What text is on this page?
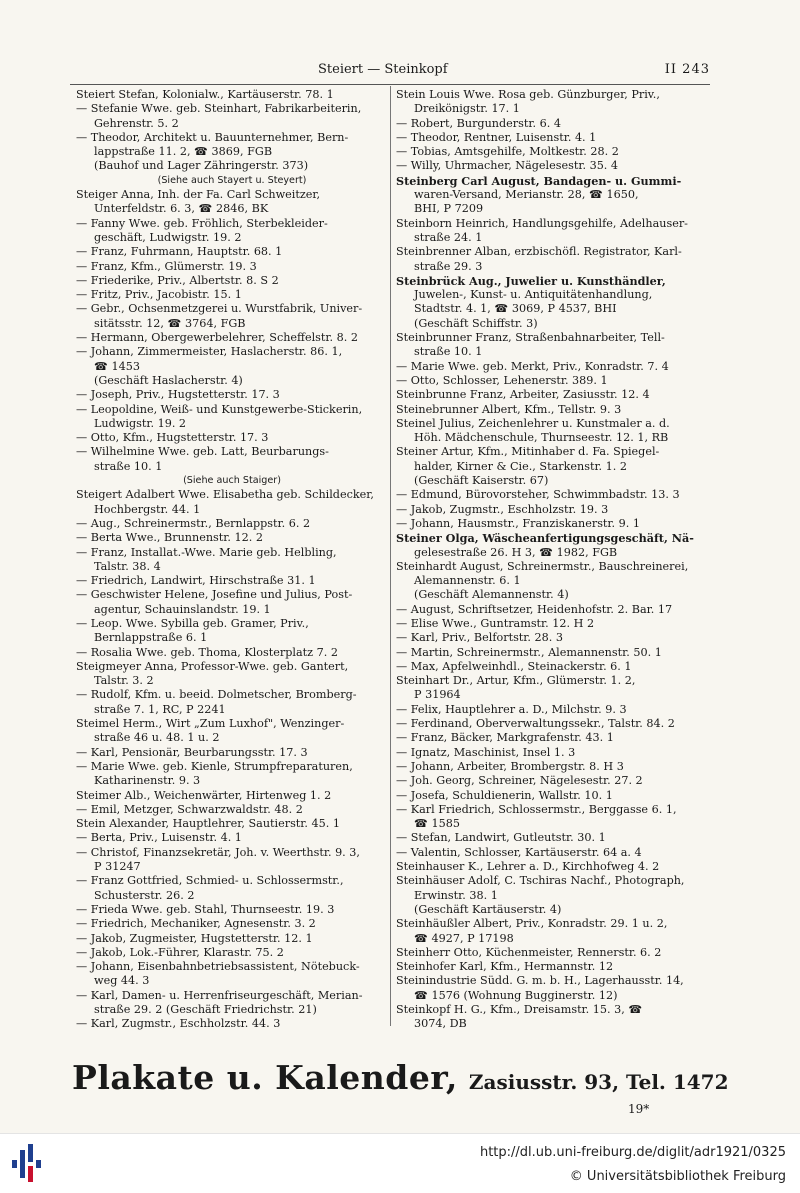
Steiert — Steinkopf	II 243
Steiert Stefan, Kolonialw., Kartäuserstr. 78. 1
— Stefanie Wwe. geb. Steinhart, Fabrikarbeiterin,
Gehrenstr. 5. 2
— Theodor, Architekt u. Bauunternehmer, Bern-
lappstraße 11. 2, ☎ 3869, FGB
(Bauhof und Lager Zähringerstr. 373)
(Siehe auch Stayert u. Steyert)
Steiger Anna, Inh. der Fa. Carl Schweitzer,
Unterfeldstr. 6. 3, ☎ 2846, BK
— Fanny Wwe. geb. Fröhlich, Sterbekleider-
geschäft, Ludwigstr. 19. 2
— Franz, Fuhrmann, Hauptstr. 68. 1
— Franz, Kfm., Glümerstr. 19. 3
— Friederike, Priv., Albertstr. 8. S 2
— Fritz, Priv., Jacobistr. 15. 1
— Gebr., Ochsenmetzgerei u. Wurstfabrik, Univer-
sitätsstr. 12, ☎ 3764, FGB
— Hermann, Obergewerbelehrer, Scheffelstr. 8. 2
— Johann, Zimmermeister, Haslacherstr. 86. 1,
☎ 1453
(Geschäft Haslacherstr. 4)
— Joseph, Priv., Hugstetterstr. 17. 3
— Leopoldine, Weiß- und Kunstgewerbe-Stickerin,
Ludwigstr. 19. 2
— Otto, Kfm., Hugstetterstr. 17. 3
— Wilhelmine Wwe. geb. Latt, Beurbarungs-
straße 10. 1
(Siehe auch Staiger)
Steigert Adalbert Wwe. Elisabetha geb. Schildecker,
Hochbergstr. 44. 1
— Aug., Schreinermstr., Bernlappstr. 6. 2
— Berta Wwe., Brunnenstr. 12. 2
— Franz, Installat.-Wwe. Marie geb. Helbling,
Talstr. 38. 4
— Friedrich, Landwirt, Hirschstraße 31. 1
— Geschwister Helene, Josefine und Julius, Post-
agentur, Schauinslandstr. 19. 1
— Leop. Wwe. Sybilla geb. Gramer, Priv.,
Bernlappstraße 6. 1
— Rosalia Wwe. geb. Thoma, Klosterplatz 7. 2
Steigmeyer Anna, Professor-Wwe. geb. Gantert,
Talstr. 3. 2
— Rudolf, Kfm. u. beeid. Dolmetscher, Bromberg-
straße 7. 1, RC, P 2241
Steimel Herm., Wirt „Zum Luxhof", Wenzinger-
straße 46 u. 48. 1 u. 2
— Karl, Pensionär, Beurbarungsstr. 17. 3
— Marie Wwe. geb. Kienle, Strumpfreparaturen,
Katharinenstr. 9. 3
Steimer Alb., Weichenwärter, Hirtenweg 1. 2
— Emil, Metzger, Schwarzwaldstr. 48. 2
Stein Alexander, Hauptlehrer, Sautierstr. 45. 1
— Berta, Priv., Luisenstr. 4. 1
— Christof, Finanzsekretär, Joh. v. Weerthstr. 9. 3,
P 31247
— Franz Gottfried, Schmied- u. Schlossermstr.,
Schusterstr. 26. 2
— Frieda Wwe. geb. Stahl, Thurnseestr. 19. 3
— Friedrich, Mechaniker, Agnesenstr. 3. 2
— Jakob, Zugmeister, Hugstetterstr. 12. 1
— Jakob, Lok.-Führer, Klarastr. 75. 2
— Johann, Eisenbahnbetriebsassistent, Nötebuck-
weg 44. 3
— Karl, Damen- u. Herrenfriseurgeschäft, Merian-
straße 29. 2 (Geschäft Friedrichstr. 21)
— Karl, Zugmstr., Eschholzstr. 44. 3
Stein Louis Wwe. Rosa geb. Günzburger, Priv.,
Dreikönigstr. 17. 1
— Robert, Burgunderstr. 6. 4
— Theodor, Rentner, Luisenstr. 4. 1
— Tobias, Amtsgehilfe, Moltkestr. 28. 2
— Willy, Uhrmacher, Nägelesestr. 35. 4
Steinberg Carl August, Bandagen- u. Gummi-
waren-Versand, Merianstr. 28, ☎ 1650,
BHI, P 7209
Steinborn Heinrich, Handlungsgehilfe, Adelhauser-
straße 24. 1
Steinbrenner Alban, erzbischöfl. Registrator, Karl-
straße 29. 3
Steinbrück Aug., Juwelier u. Kunsthändler,
Juwelen-, Kunst- u. Antiquitätenhandlung,
Stadtstr. 4. 1, ☎ 3069, P 4537, BHI
(Geschäft Schiffstr. 3)
Steinbrunner Franz, Straßenbahnarbeiter, Tell-
straße 10. 1
— Marie Wwe. geb. Merkt, Priv., Konradstr. 7. 4
— Otto, Schlosser, Lehenerstr. 389. 1
Steinbrunne Franz, Arbeiter, Zasiusstr. 12. 4
Steinebrunner Albert, Kfm., Tellstr. 9. 3
Steinel Julius, Zeichenlehrer u. Kunstmaler a. d.
Höh. Mädchenschule, Thurnseestr. 12. 1, RB
Steiner Artur, Kfm., Mitinhaber d. Fa. Spiegel-
halder, Kirner & Cie., Starkenstr. 1. 2
(Geschäft Kaiserstr. 67)
— Edmund, Bürovorsteher, Schwimmbadstr. 13. 3
— Jakob, Zugmstr., Eschholzstr. 19. 3
— Johann, Hausmstr., Franziskanerstr. 9. 1
Steiner Olga, Wäscheanfertigungsgeschäft, Nä-
gelesestraße 26. H 3, ☎ 1982, FGB
Steinhardt August, Schreinermstr., Bauschreinerei,
Alemannenstr. 6. 1
(Geschäft Alemannenstr. 4)
— August, Schriftsetzer, Heidenhofstr. 2. Bar. 17
— Elise Wwe., Guntramstr. 12. H 2
— Karl, Priv., Belfortstr. 28. 3
— Martin, Schreinermstr., Alemannenstr. 50. 1
— Max, Apfelweinhdl., Steinackerstr. 6. 1
Steinhart Dr., Artur, Kfm., Glümerstr. 1. 2,
P 31964
— Felix, Hauptlehrer a. D., Milchstr. 9. 3
— Ferdinand, Oberverwaltungssekr., Talstr. 84. 2
— Franz, Bäcker, Markgrafenstr. 43. 1
— Ignatz, Maschinist, Insel 1. 3
— Johann, Arbeiter, Brombergstr. 8. H 3
— Joh. Georg, Schreiner, Nägelesestr. 27. 2
— Josefa, Schuldienerin, Wallstr. 10. 1
— Karl Friedrich, Schlossermstr., Berggasse 6. 1,
☎ 1585
— Stefan, Landwirt, Gutleutstr. 30. 1
— Valentin, Schlosser, Kartäuserstr. 64 a. 4
Steinhauser K., Lehrer a. D., Kirchhofweg 4. 2
Steinhäuser Adolf, C. Tschiras Nachf., Photograph,
Erwinstr. 38. 1
(Geschäft Kartäuserstr. 4)
Steinhäußler Albert, Priv., Konradstr. 29. 1 u. 2,
☎ 4927, P 17198
Steinherr Otto, Küchenmeister, Rennerstr. 6. 2
Steinhofer Karl, Kfm., Hermannstr. 12
Steinindustrie Südd. G. m. b. H., Lagerhausstr. 14,
☎ 1576 (Wohnung Bugginerstr. 12)
Steinkopf H. G., Kfm., Dreisamstr. 15. 3, ☎
3074, DB
Plakate u. Kalender, Zasiusstr. 93, Tel. 1472
19*
http://dl.ub.uni-freiburg.de/diglit/adr1921/0325
© Universitätsbibliothek Freiburg
